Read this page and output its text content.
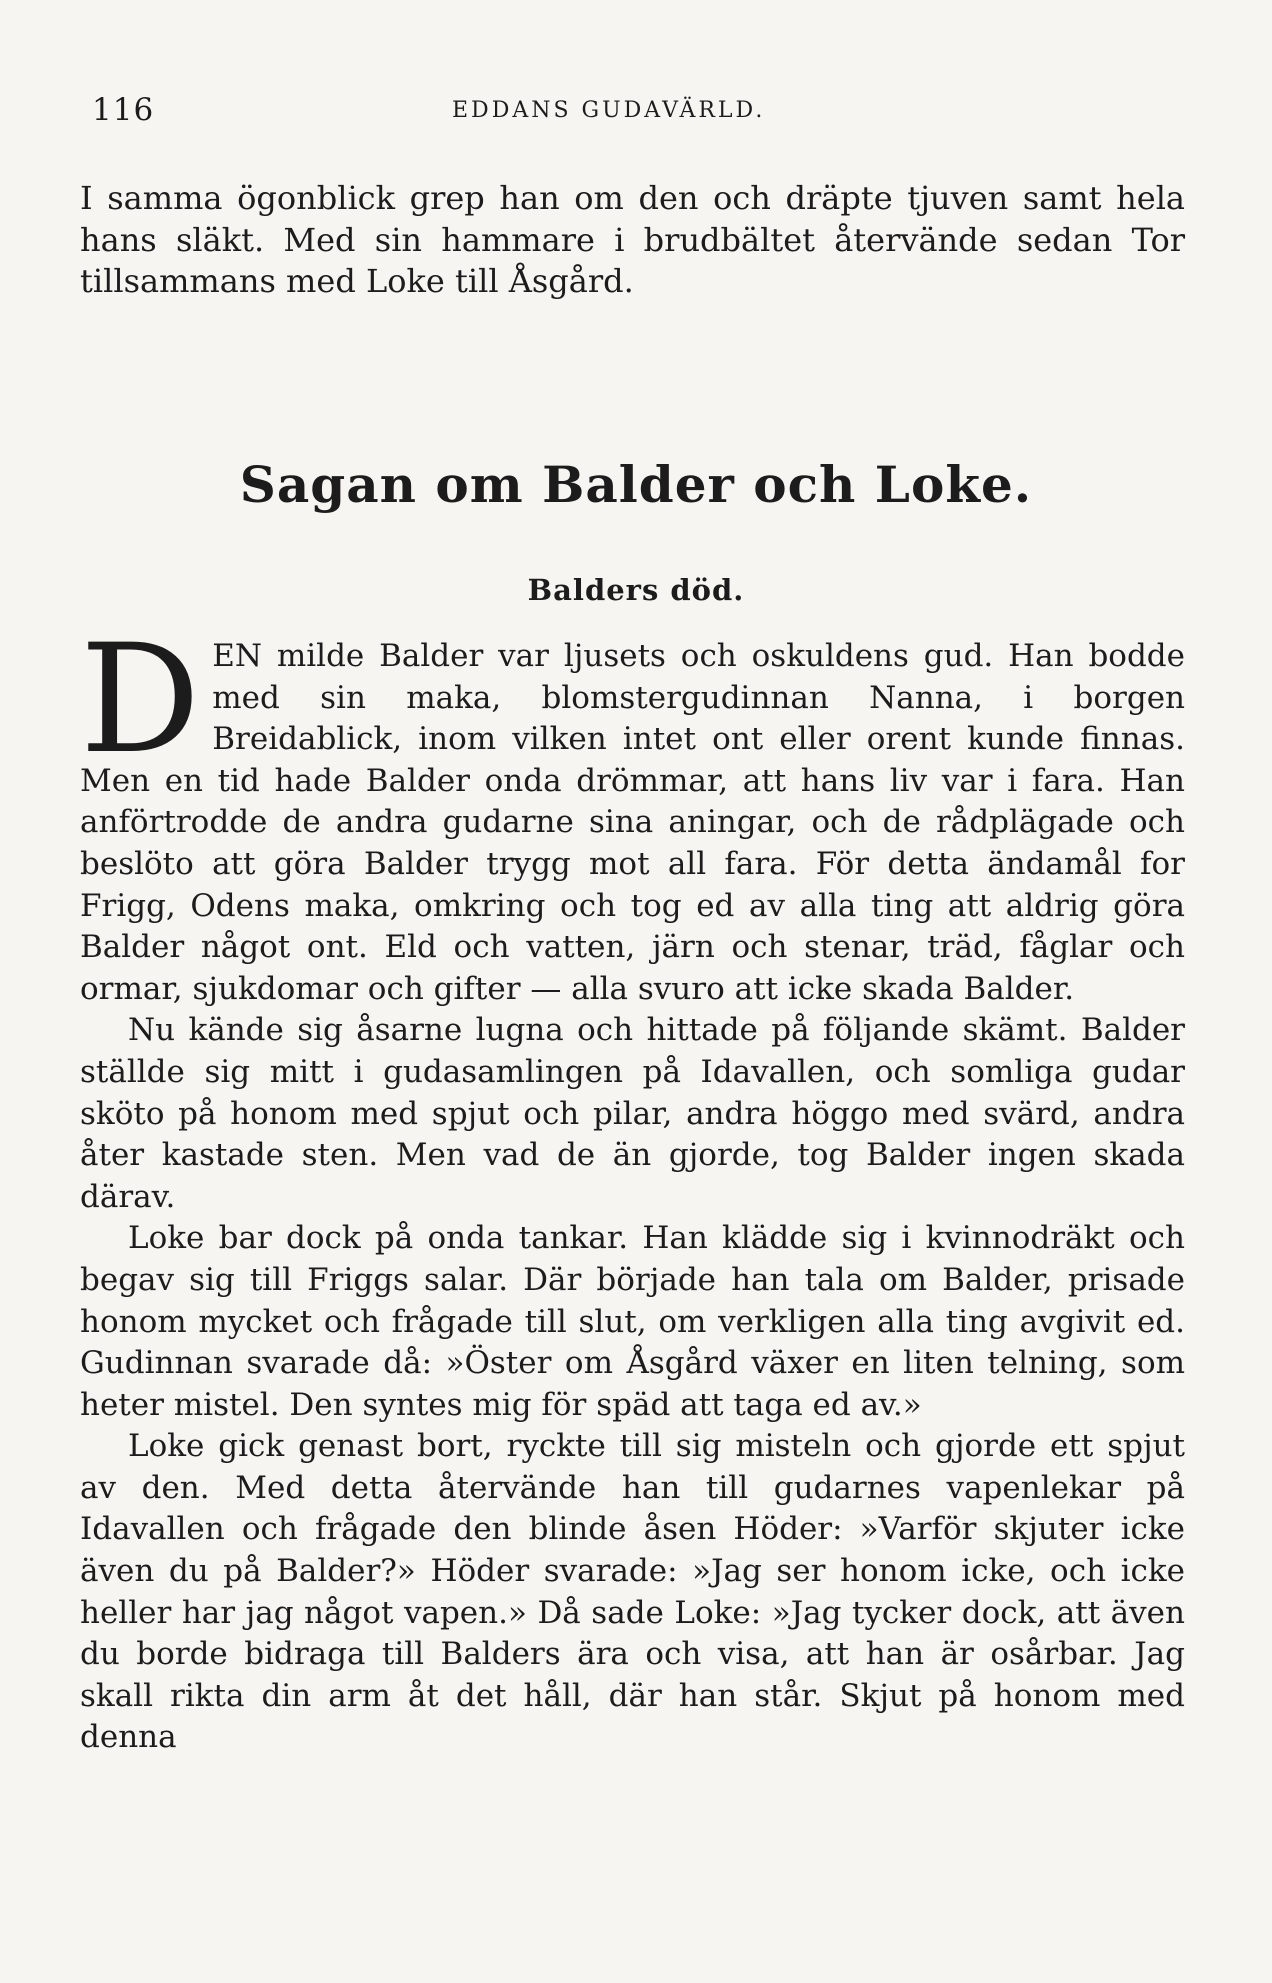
116	EDDANS GUDAVÄRLD.

I samma ögonblick grep han om den och dräpte tjuven samt hela hans släkt. Med sin hammare i brudbältet återvände sedan Tor tillsammans med Loke till Åsgård.

Sagan om Balder och Loke.
Balders död.

DEN milde Balder var ljusets och oskuldens gud. Han bodde med sin maka, blomstergudinnan Nanna, i borgen Breidablick, inom vilken intet ont eller orent kunde finnas. Men en tid hade Balder onda drömmar, att hans liv var i fara. Han anförtrodde de andra gudarne sina aningar, och de rådplägade och beslöto att göra Balder trygg mot all fara. För detta ändamål for Frigg, Odens maka, omkring och tog ed av alla ting att aldrig göra Balder något ont. Eld och vatten, järn och stenar, träd, fåglar och ormar, sjukdomar och gifter — alla svuro att icke skada Balder.

Nu kände sig åsarne lugna och hittade på följande skämt. Balder ställde sig mitt i gudasamlingen på Idavallen, och somliga gudar sköto på honom med spjut och pilar, andra höggo med svärd, andra åter kastade sten. Men vad de än gjorde, tog Balder ingen skada därav.

Loke bar dock på onda tankar. Han klädde sig i kvinnodräkt och begav sig till Friggs salar. Där började han tala om Balder, prisade honom mycket och frågade till slut, om verkligen alla ting avgivit ed. Gudinnan svarade då: »Öster om Åsgård växer en liten telning, som heter mistel. Den syntes mig för späd att taga ed av.»

Loke gick genast bort, ryckte till sig misteln och gjorde ett spjut av den. Med detta återvände han till gudarnes vapenlekar på Idavallen och frågade den blinde åsen Höder: »Varför skjuter icke även du på Balder?» Höder svarade: »Jag ser honom icke, och icke heller har jag något vapen.» Då sade Loke: »Jag tycker dock, att även du borde bidraga till Balders ära och visa, att han är osårbar. Jag skall rikta din arm åt det håll, där han står. Skjut på honom med denna
